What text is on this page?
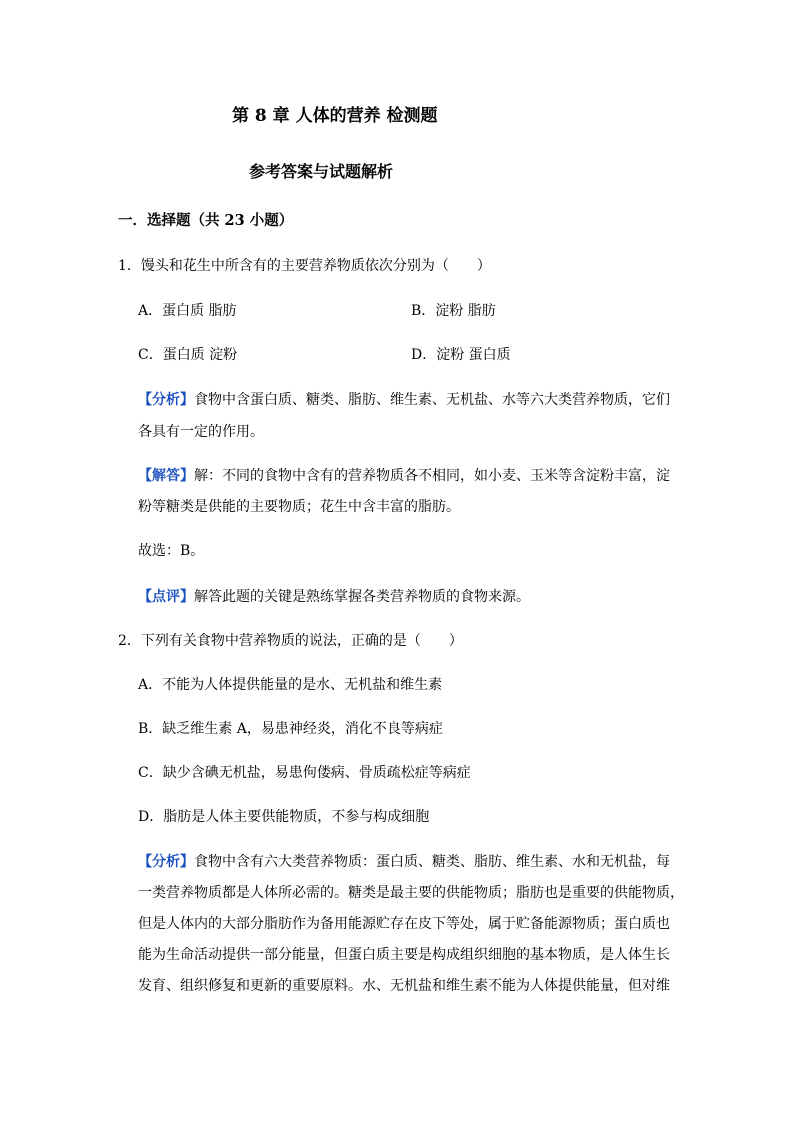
第 8 章 人体的营养 检测题
参考答案与试题解析
一．选择题（共 23 小题）
1．馒头和花生中所含有的主要营养物质依次分别为（　　）
A．蛋白质 脂肪	B．淀粉 脂肪
C．蛋白质 淀粉	D．淀粉 蛋白质
【分析】食物中含蛋白质、糖类、脂肪、维生素、无机盐、水等六大类营养物质，它们
各具有一定的作用。
【解答】解：不同的食物中含有的营养物质各不相同，如小麦、玉米等含淀粉丰富，淀
粉等糖类是供能的主要物质；花生中含丰富的脂肪。
故选：B。
【点评】解答此题的关键是熟练掌握各类营养物质的食物来源。
2．下列有关食物中营养物质的说法，正确的是（　　）
A．不能为人体提供能量的是水、无机盐和维生素
B．缺乏维生素 A，易患神经炎，消化不良等病症
C．缺少含碘无机盐，易患佝偻病、骨质疏松症等病症
D．脂肪是人体主要供能物质，不参与构成细胞
【分析】食物中含有六大类营养物质：蛋白质、糖类、脂肪、维生素、水和无机盐，每
一类营养物质都是人体所必需的。糖类是最主要的供能物质；脂肪也是重要的供能物质，
但是人体内的大部分脂肪作为备用能源贮存在皮下等处，属于贮备能源物质；蛋白质也
能为生命活动提供一部分能量，但蛋白质主要是构成组织细胞的基本物质，是人体生长
发育、组织修复和更新的重要原料。水、无机盐和维生素不能为人体提供能量，但对维
